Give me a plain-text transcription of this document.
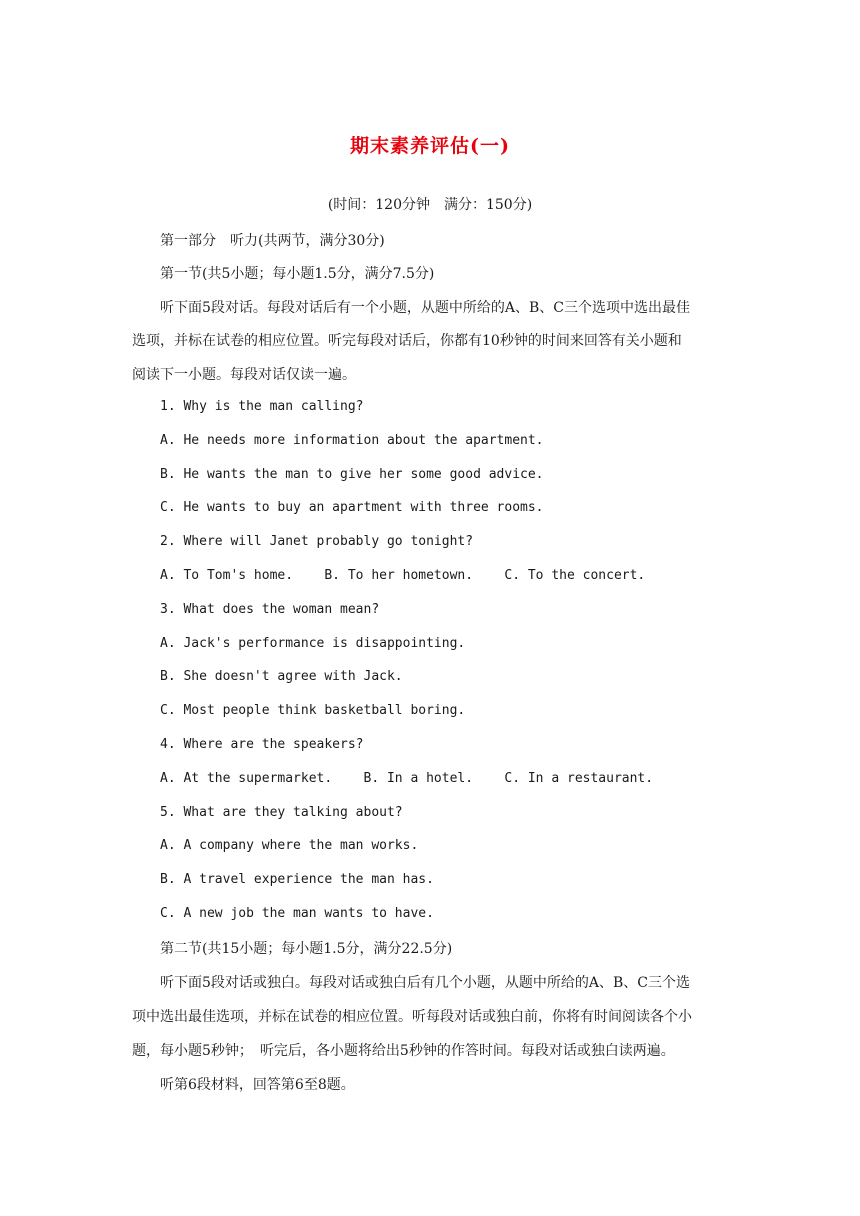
期末素养评估(一)
(时间：120分钟　满分：150分)
第一部分　听力(共两节，满分30分)
第一节(共5小题；每小题1.5分，满分7.5分)
听下面5段对话。每段对话后有一个小题，从题中所给的A、B、C三个选项中选出最佳
选项，并标在试卷的相应位置。听完每段对话后，你都有10秒钟的时间来回答有关小题和
阅读下一小题。每段对话仅读一遍。
1. Why is the man calling?
A. He needs more information about the apartment.
B. He wants the man to give her some good advice.
C. He wants to buy an apartment with three rooms.
2. Where will Janet probably go tonight?
A. To Tom's home.    B. To her hometown.    C. To the concert.
3. What does the woman mean?
A. Jack's performance is disappointing.
B. She doesn't agree with Jack.
C. Most people think basketball boring.
4. Where are the speakers?
A. At the supermarket.    B. In a hotel.    C. In a restaurant.
5. What are they talking about?
A. A company where the man works.
B. A travel experience the man has.
C. A new job the man wants to have.
第二节(共15小题；每小题1.5分，满分22.5分)
听下面5段对话或独白。每段对话或独白后有几个小题，从题中所给的A、B、C三个选
项中选出最佳选项，并标在试卷的相应位置。听每段对话或独白前，你将有时间阅读各个小
题，每小题5秒钟；　听完后，各小题将给出5秒钟的作答时间。每段对话或独白读两遍。
听第6段材料，回答第6至8题。
